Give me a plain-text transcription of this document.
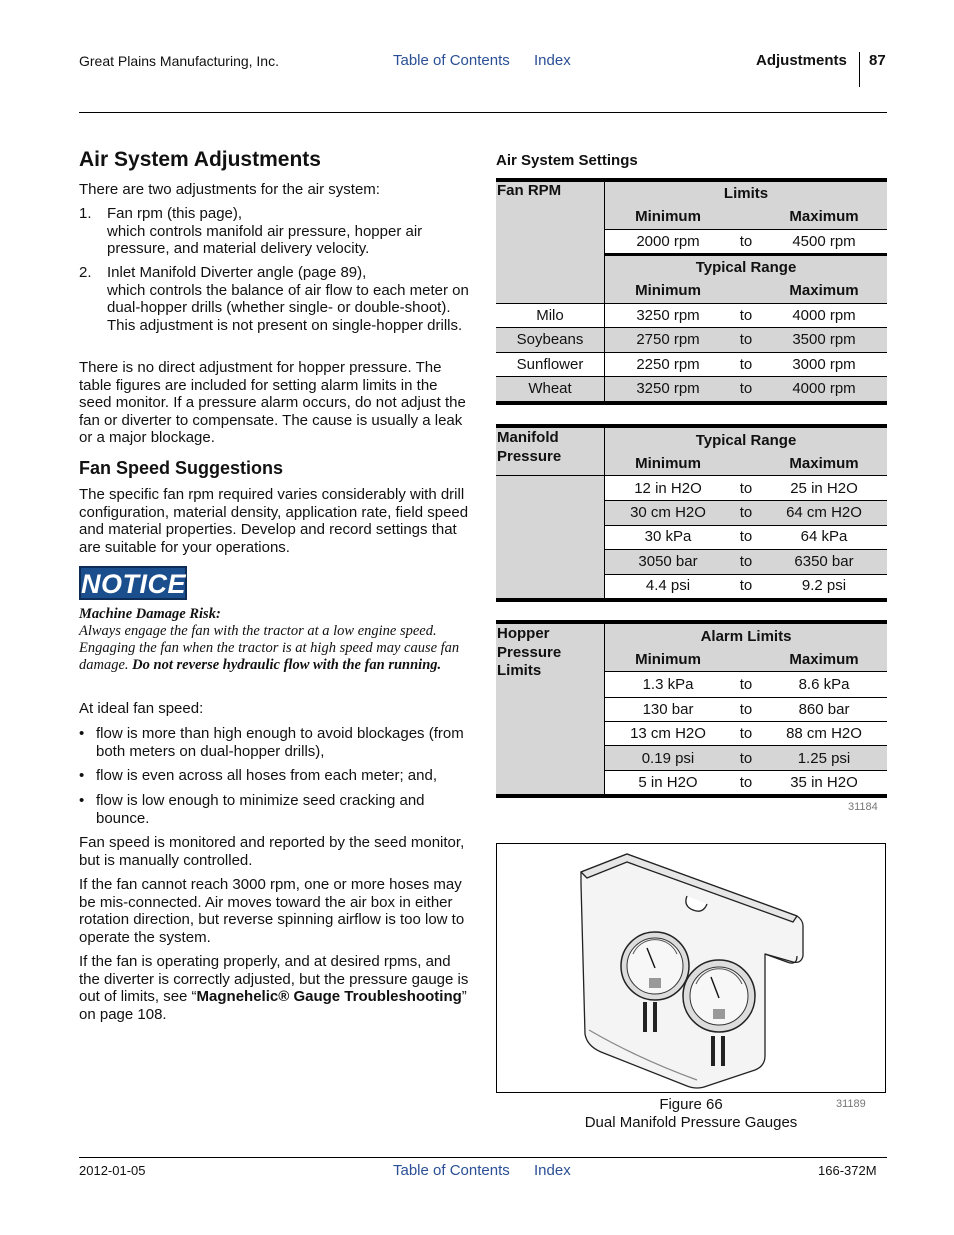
Great Plains Manufacturing, Inc.	Table of Contents Index	Adjustments 87
Air System Adjustments

There are two adjustments for the air system:

1. Fan rpm (this page),

which controls manifold air pressure, hopper air pressure, and material delivery velocity.

2. Inlet Manifold Diverter angle (page 89),

which controls the balance of air flow to each meter on dual-hopper drills (whether single- or double-shoot). This adjustment is not present on single-hopper drills.

There is no direct adjustment for hopper pressure. The table figures are included for setting alarm limits in the seed monitor. If a pressure alarm occurs, do not adjust the fan or diverter to compensate. The cause is usually a leak or a major blockage.

Fan Speed Suggestions

The specific fan rpm required varies considerably with drill configuration, material density, application rate, field speed and material properties. Develop and record settings that are suitable for your operations.

NOTICE

Machine Damage Risk:

Always engage the fan with the tractor at a low engine speed. Engaging the fan when the tractor is at high speed may cause fan damage. Do not reverse hydraulic flow with the fan running.

At ideal fan speed:

• flow is more than high enough to avoid blockages (from both meters on dual-hopper drills),

• flow is even across all hoses from each meter; and,

• flow is low enough to minimize seed cracking and bounce.

Fan speed is monitored and reported by the seed monitor, but is manually controlled.

If the fan cannot reach 3000 rpm, one or more hoses may be mis-connected. Air moves toward the air box in either rotation direction, but reverse spinning airflow is too low to operate the system.

If the fan is operating properly, and at desired rpms, and the diverter is correctly adjusted, but the pressure gauge is out of limits, see “Magnehelic® Gauge Troubleshooting” on page 108.

Air System Settings
Fan RPM	Limits
Minimum	Maximum
2000 rpm	to	4500 rpm
Typical Range
Minimum	Maximum
Milo	3250 rpm	to	4000 rpm
Soybeans	2750 rpm	to	3500 rpm
Sunflower	2250 rpm	to	3000 rpm
Wheat	3250 rpm	to	4000 rpm
Manifold
Pressure
Typical Range
Minimum	Maximum
12 in H2O	to	25 in H2O
30 cm H2O	to	64 cm H2O
30 kPa	to	64 kPa
3050 bar	to	6350 bar
4.4 psi	to	9.2 psi
Hopper
Pressure
Limits
Alarm Limits
Minimum	Maximum
1.3 kPa	to	8.6 kPa
130 bar	to	860 bar
13 cm H2O	to	88 cm H2O
0.19 psi	to	1.25 psi
5 in H2O	to	35 in H2O
31184
31189
Figure 66
Dual Manifold Pressure Gauges
2012-01-05	Table of Contents Index	166-372M
